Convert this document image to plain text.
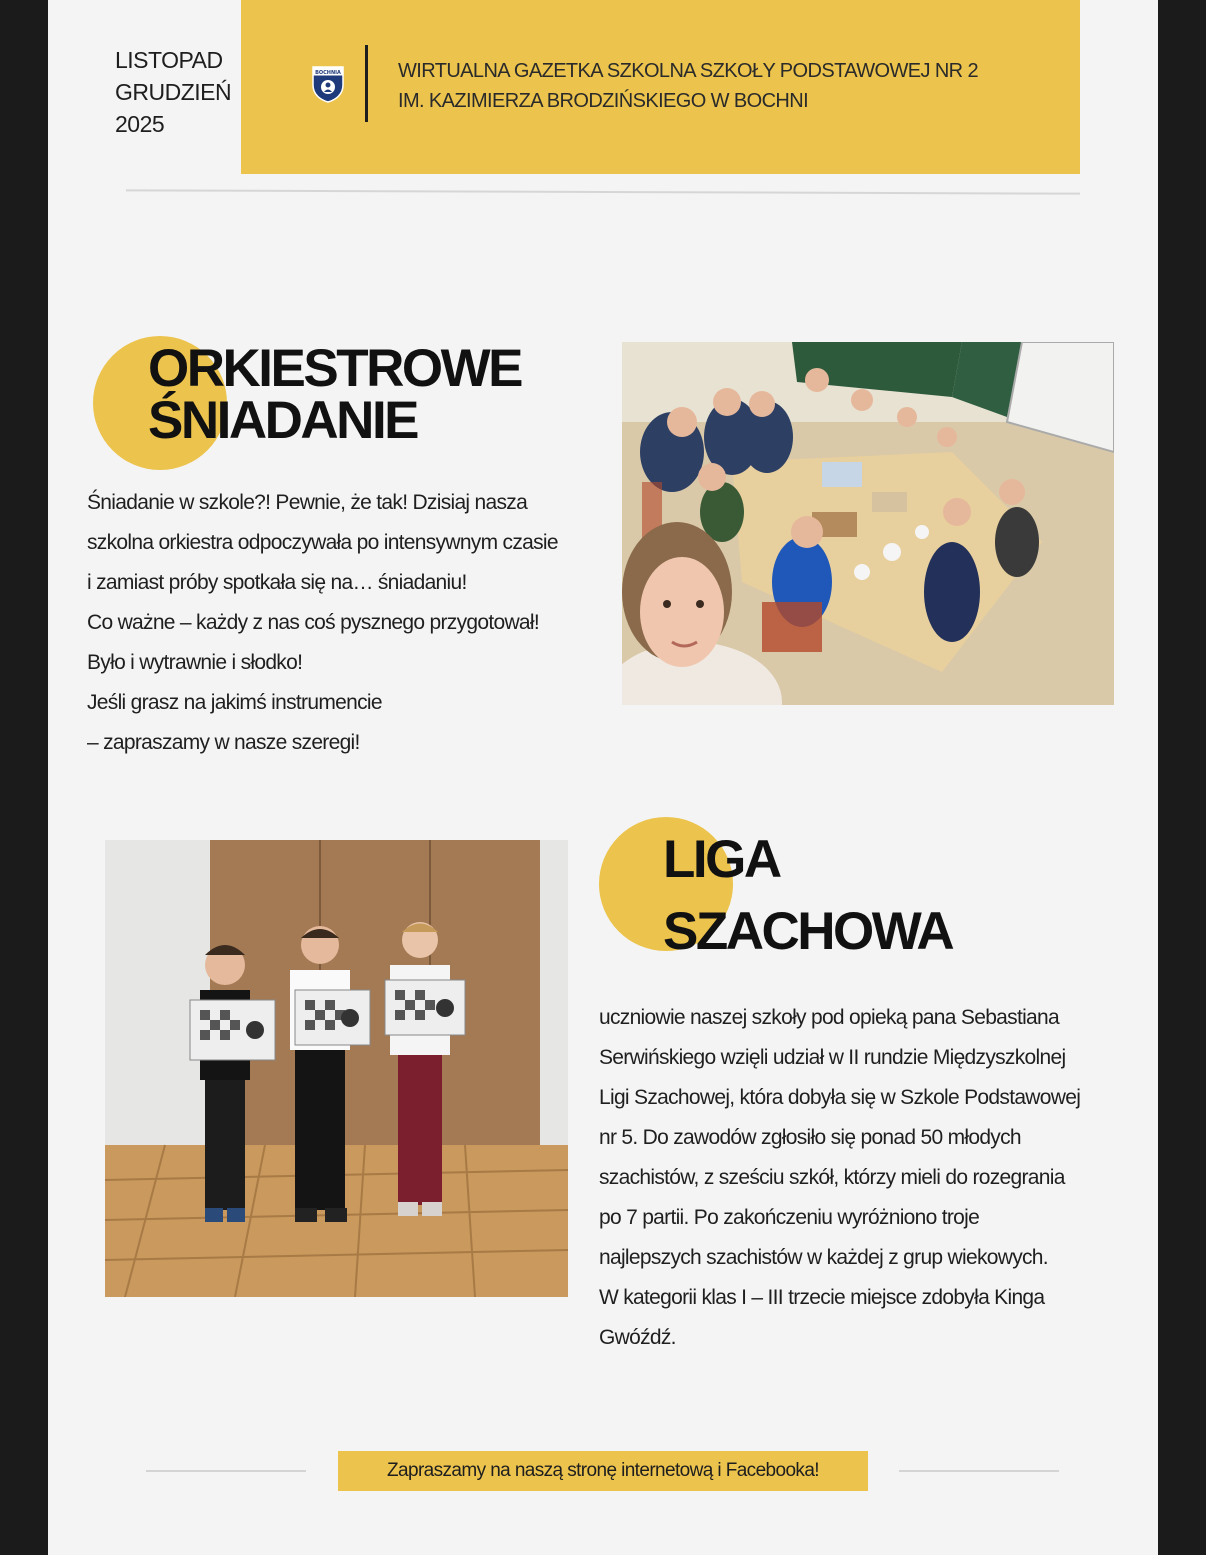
LISTOPAD
GRUDZIEŃ
2025
BOCHNIA	WIRTUALNA GAZETKA SZKOLNA SZKOŁY PODSTAWOWEJ NR 2
IM. KAZIMIERZA BRODZIŃSKIEGO W BOCHNI
ORKIESTROWE
ŚNIADANIE
Śniadanie w szkole?! Pewnie, że tak! Dzisiaj nasza
szkolna orkiestra odpoczywała po intensywnym czasie
i zamiast próby spotkała się na… śniadaniu!
Co ważne – każdy z nas coś pysznego przygotował!
Było i wytrawnie i słodko!
Jeśli grasz na jakimś instrumencie
– zapraszamy w nasze szeregi!
LIGA
SZACHOWA
uczniowie naszej szkoły pod opieką pana Sebastiana
Serwińskiego wzięli udział w II rundzie Międzyszkolnej
Ligi Szachowej, która dobyła się w Szkole Podstawowej
nr 5. Do zawodów zgłosiło się ponad 50 młodych
szachistów, z sześciu szkół, którzy mieli do rozegrania
po 7 partii. Po zakończeniu wyróżniono troje
najlepszych szachistów w każdej z grup wiekowych.
W kategorii klas I – III trzecie miejsce zdobyła Kinga
Gwóźdź.
Zapraszamy na naszą stronę internetową i Facebooka!
